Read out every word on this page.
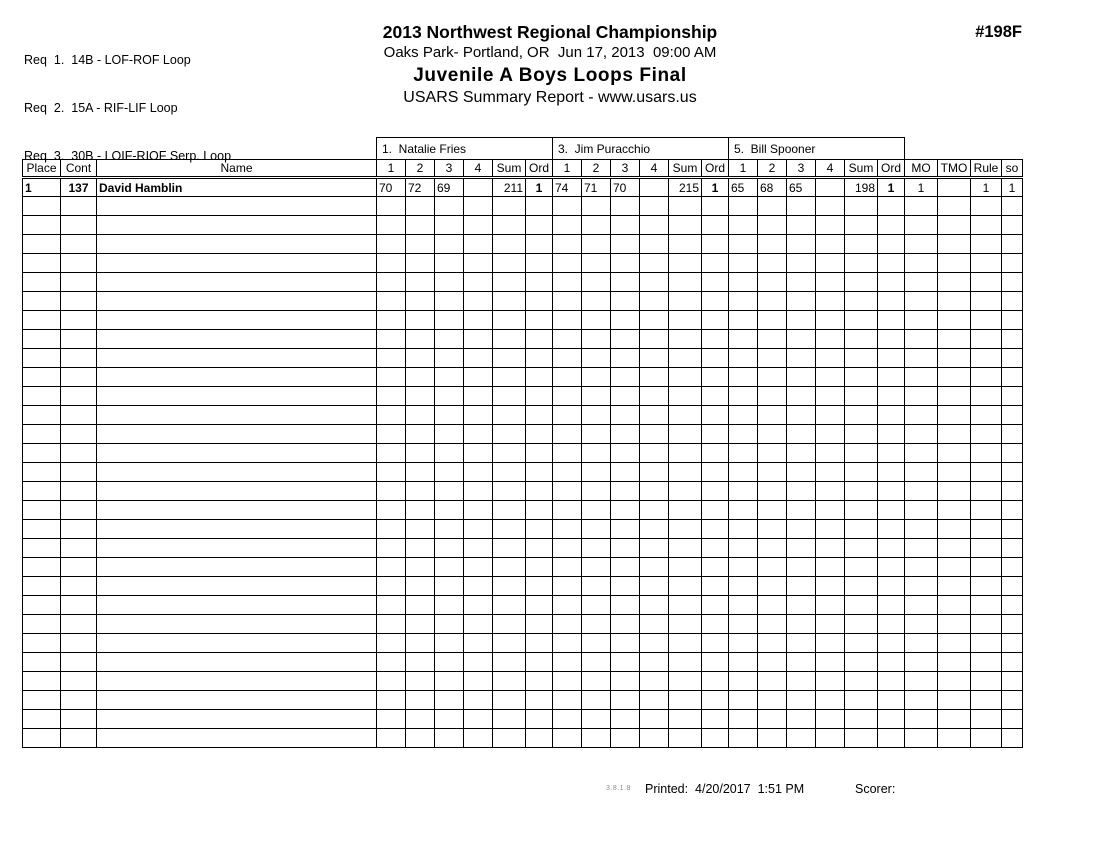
Req  1.  14B - LOF-ROF Loop

Req  2.  15A - RIF-LIF Loop

Req  3.  30B - LOIF-RIOF Serp. Loop

2013 Northwest Regional Championship
Oaks Park- Portland, OR  Jun 17, 2013  09:00 AM
Juvenile A Boys Loops Final
USARS Summary Report - www.usars.us
#198F
			1.  Natalie Fries						3.  Jim Puracchio						5.  Bill Spooner									
Place	Cont	Name	1	2	3	4	Sum	Ord	1	2	3	4	Sum	Ord	1	2	3	4	Sum	Ord	MO	TMO	Rule	so
1	137	David Hamblin	70	72	69		211	1	74	71	70		215	1	65	68	65		198	1	1		1	1

3.8.1.8 Printed:  4/20/2017  1:51 PM	Scorer:
